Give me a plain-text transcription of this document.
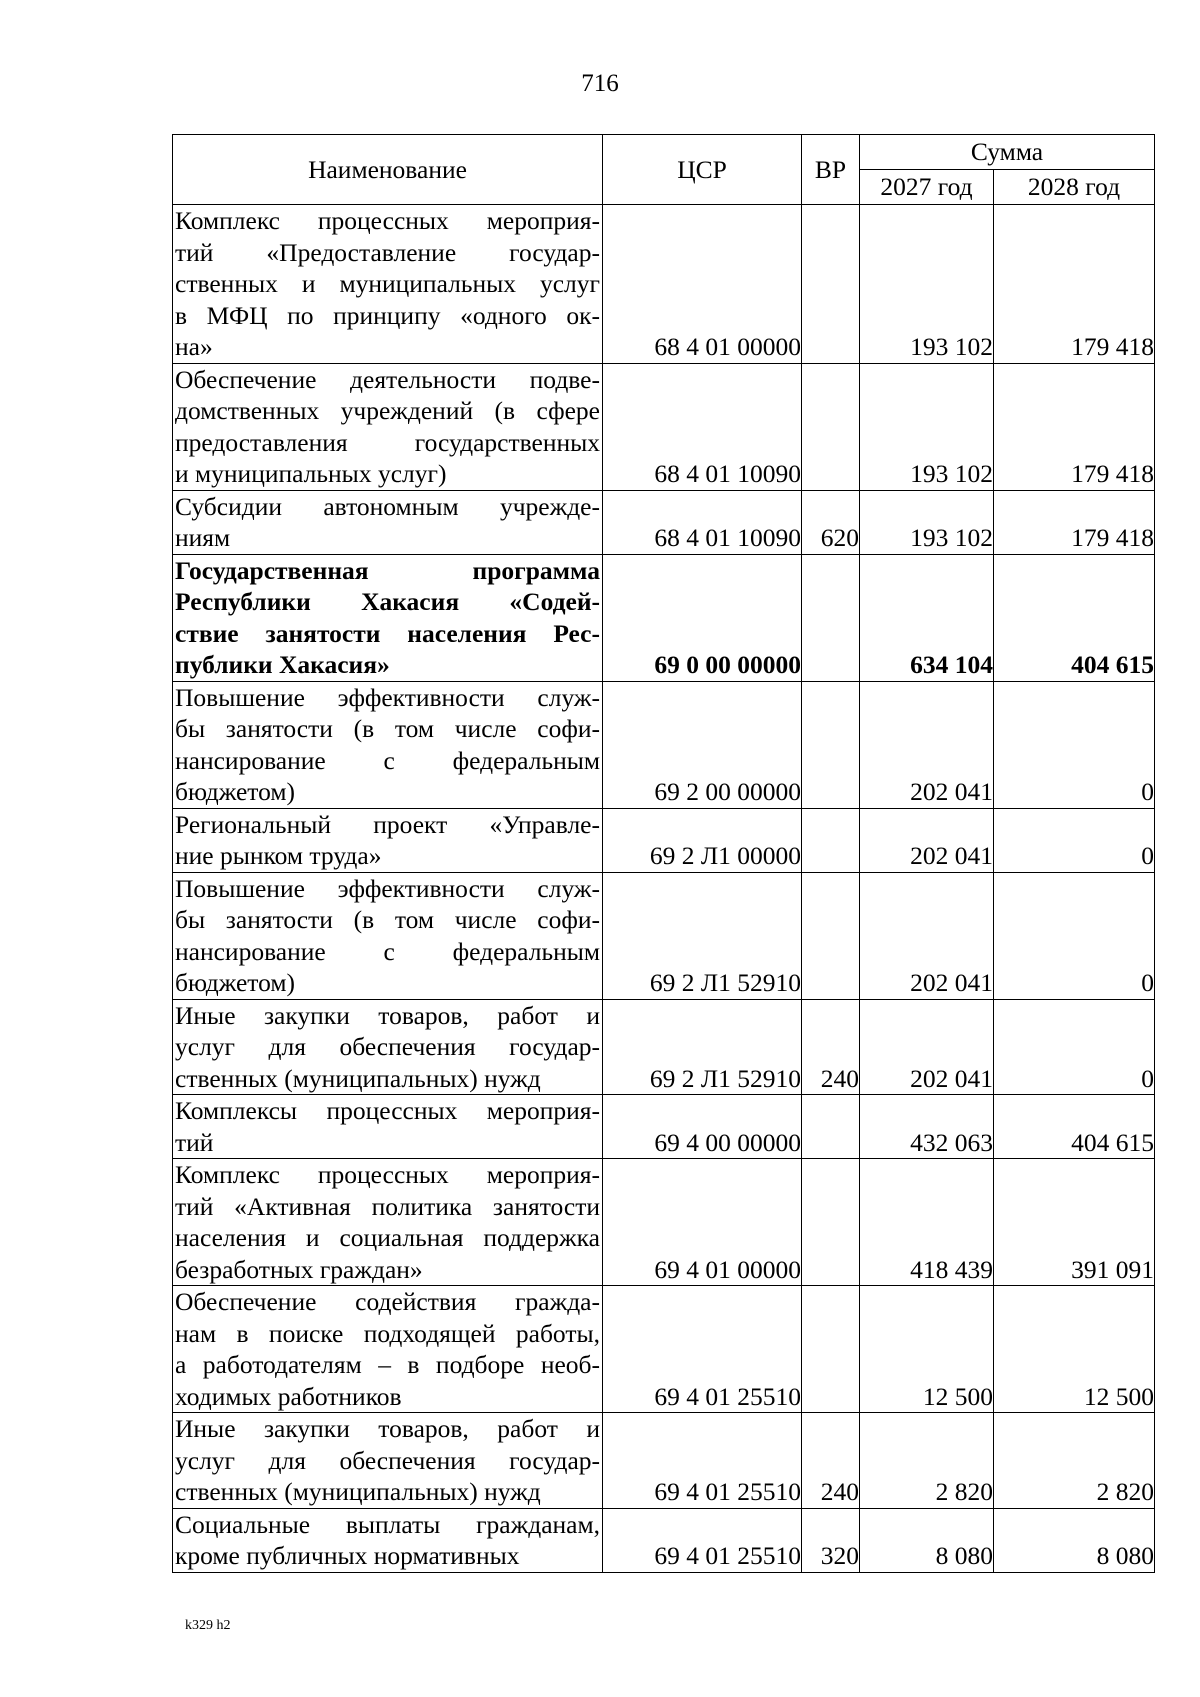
716
Наименование	ЦСР	ВР	Сумма	
			2027 год	2028 год

Комплекс процессных мероприя-
тий «Предоставление государ-
ственных и муниципальных услуг
в МФЦ по принципу «одного ок-
на»	68 4 01 00000		193 102	179 418

Обеспечение деятельности подве-
домственных учреждений (в сфере
предоставления государственных
и муниципальных услуг)	68 4 01 10090		193 102	179 418

Субсидии автономным учрежде-
ниям	68 4 01 10090	620	193 102	179 418

Государственная программа
Республики Хакасия «Содей-
ствие занятости населения Рес-
публики Хакасия»	69 0 00 00000		634 104	404 615

Повышение эффективности служ-
бы занятости (в том числе софи-
нансирование с федеральным
бюджетом)	69 2 00 00000		202 041	0

Региональный проект «Управле-
ние рынком труда»	69 2 Л1 00000		202 041	0

Повышение эффективности служ-
бы занятости (в том числе софи-
нансирование с федеральным
бюджетом)	69 2 Л1 52910		202 041	0

Иные закупки товаров, работ и
услуг для обеспечения государ-
ственных (муниципальных) нужд	69 2 Л1 52910	240	202 041	0

Комплексы процессных мероприя-
тий	69 4 00 00000		432 063	404 615

Комплекс процессных мероприя-
тий «Активная политика занятости
населения и социальная поддержка
безработных граждан»	69 4 01 00000		418 439	391 091

Обеспечение содействия гражда-
нам в поиске подходящей работы,
а работодателям – в подборе необ-
ходимых работников	69 4 01 25510		12 500	12 500

Иные закупки товаров, работ и
услуг для обеспечения государ-
ственных (муниципальных) нужд	69 4 01 25510	240	2 820	2 820

Социальные выплаты гражданам,
кроме публичных нормативных	69 4 01 25510	320	8 080	8 080
k329 h2
